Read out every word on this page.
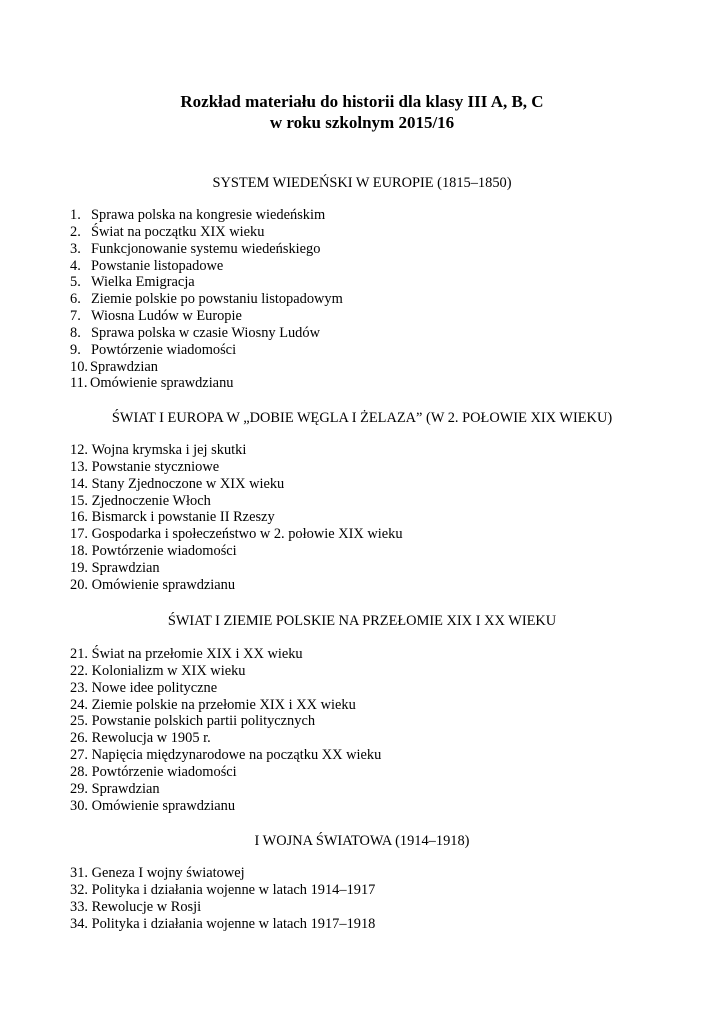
Rozkład materiału do historii dla klasy III A, B, C
w roku szkolnym 2015/16
SYSTEM WIEDEŃSKI W EUROPIE (1815–1850)
1. Sprawa polska na kongresie wiedeńskim
2. Świat na początku XIX wieku
3. Funkcjonowanie systemu wiedeńskiego
4. Powstanie listopadowe
5. Wielka Emigracja
6. Ziemie polskie po powstaniu listopadowym
7. Wiosna Ludów w Europie
8. Sprawa polska w czasie Wiosny Ludów
9. Powtórzenie wiadomości
10. Sprawdzian
11. Omówienie sprawdzianu
ŚWIAT I EUROPA W „DOBIE WĘGLA I ŻELAZA” (W 2. POŁOWIE XIX WIEKU)
12. Wojna krymska i jej skutki
13. Powstanie styczniowe
14. Stany Zjednoczone w XIX wieku
15. Zjednoczenie Włoch
16. Bismarck i powstanie II Rzeszy
17. Gospodarka i społeczeństwo w 2. połowie XIX wieku
18. Powtórzenie wiadomości
19. Sprawdzian
20. Omówienie sprawdzianu
ŚWIAT I ZIEMIE POLSKIE NA PRZEŁOMIE XIX I XX WIEKU
21. Świat na przełomie XIX i XX wieku
22. Kolonializm w XIX wieku
23. Nowe idee polityczne
24. Ziemie polskie na przełomie XIX i XX wieku
25. Powstanie polskich partii politycznych
26. Rewolucja w 1905 r.
27. Napięcia międzynarodowe na początku XX wieku
28. Powtórzenie wiadomości
29. Sprawdzian
30. Omówienie sprawdzianu
I WOJNA ŚWIATOWA (1914–1918)
31. Geneza I wojny światowej
32. Polityka i działania wojenne w latach 1914–1917
33. Rewolucje w Rosji
34. Polityka i działania wojenne w latach 1917–1918
